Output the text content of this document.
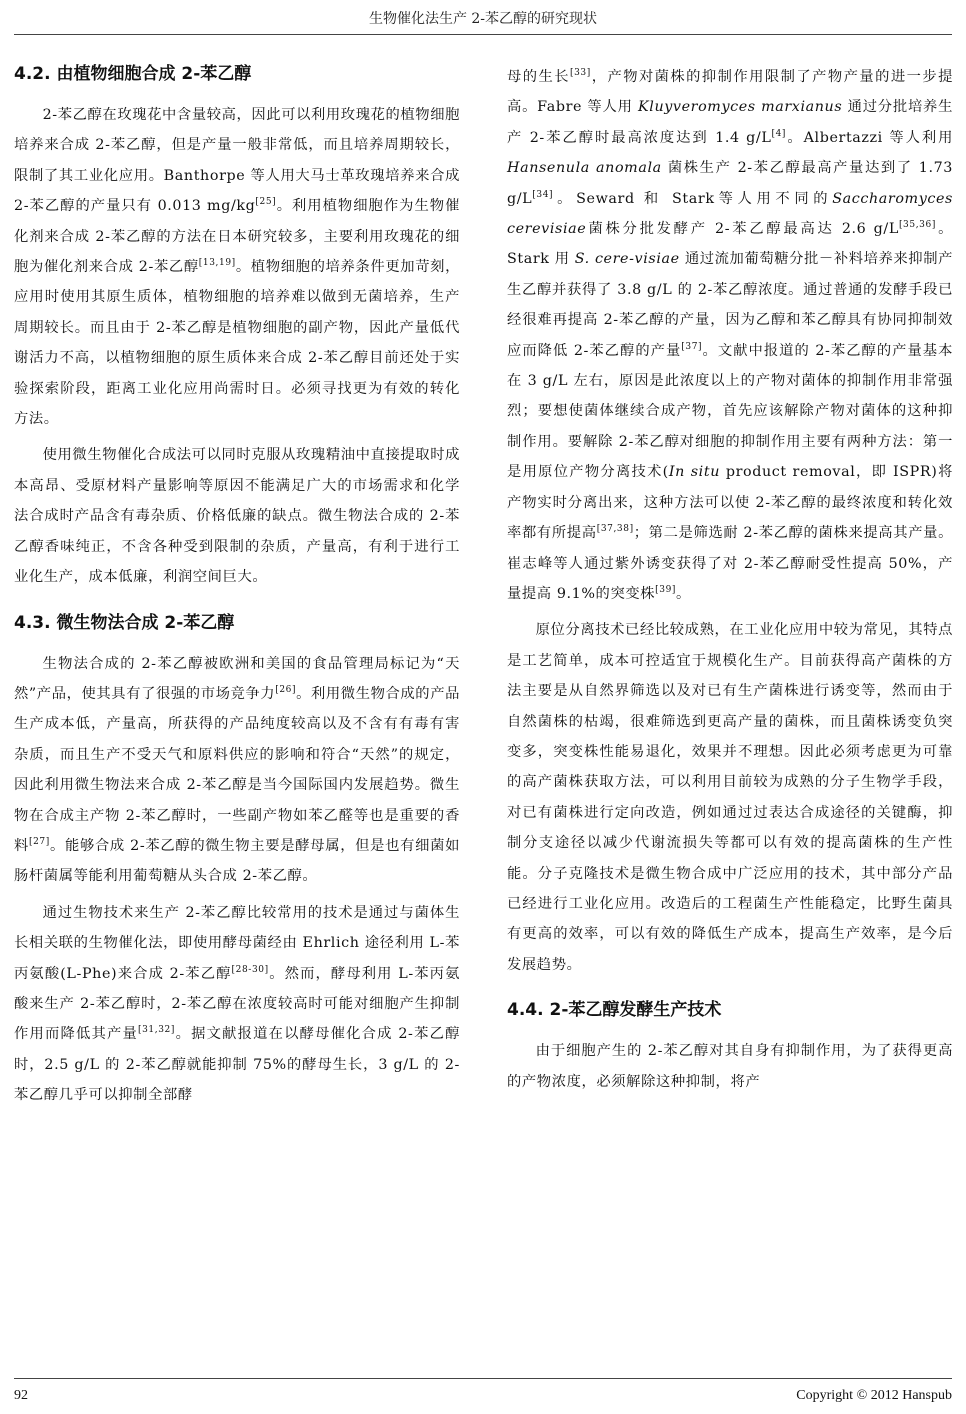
生物催化法生产 2-苯乙醇的研究现状
4.2. 由植物细胞合成 2-苯乙醇

2-苯乙醇在玫瑰花中含量较高，因此可以利用玫瑰花的植物细胞培养来合成 2-苯乙醇，但是产量一般非常低，而且培养周期较长，限制了其工业化应用。Banthorpe 等人用大马士革玫瑰培养来合成 2-苯乙醇的产量只有 0.013 mg/kg[25]。利用植物细胞作为生物催化剂来合成 2-苯乙醇的方法在日本研究较多，主要利用玫瑰花的细胞为催化剂来合成 2-苯乙醇[13,19]。植物细胞的培养条件更加苛刻，应用时使用其原生质体，植物细胞的培养难以做到无菌培养，生产周期较长。而且由于 2-苯乙醇是植物细胞的副产物，因此产量低代谢活力不高，以植物细胞的原生质体来合成 2-苯乙醇目前还处于实验探索阶段，距离工业化应用尚需时日。必须寻找更为有效的转化方法。

使用微生物催化合成法可以同时克服从玫瑰精油中直接提取时成本高昂、受原材料产量影响等原因不能满足广大的市场需求和化学法合成时产品含有毒杂质、价格低廉的缺点。微生物法合成的 2-苯乙醇香味纯正，不含各种受到限制的杂质，产量高，有利于进行工业化生产，成本低廉，利润空间巨大。

4.3. 微生物法合成 2-苯乙醇

生物法合成的 2-苯乙醇被欧洲和美国的食品管理局标记为“天然”产品，使其具有了很强的市场竞争力[26]。利用微生物合成的产品生产成本低，产量高，所获得的产品纯度较高以及不含有有毒有害杂质，而且生产不受天气和原料供应的影响和符合“天然”的规定，因此利用微生物法来合成 2-苯乙醇是当今国际国内发展趋势。微生物在合成主产物 2-苯乙醇时，一些副产物如苯乙醛等也是重要的香料[27]。能够合成 2-苯乙醇的微生物主要是酵母属，但是也有细菌如肠杆菌属等能利用葡萄糖从头合成 2-苯乙醇。

通过生物技术来生产 2-苯乙醇比较常用的技术是通过与菌体生长相关联的生物催化法，即使用酵母菌经由 Ehrlich 途径利用 L-苯丙氨酸(L-Phe)来合成 2-苯乙醇[28-30]。然而，酵母利用 L-苯丙氨酸来生产 2-苯乙醇时，2-苯乙醇在浓度较高时可能对细胞产生抑制作用而降低其产量[31,32]。据文献报道在以酵母催化合成 2-苯乙醇时，2.5 g/L 的 2-苯乙醇就能抑制 75%的酵母生长，3 g/L 的 2-苯乙醇几乎可以抑制全部酵

母的生长[33]，产物对菌株的抑制作用限制了产物产量的进一步提高。Fabre 等人用 Kluyveromyces marxianus 通过分批培养生产 2-苯乙醇时最高浓度达到 1.4 g/L[4]。Albertazzi 等人利用 Hansenula anomala 菌株生产 2-苯乙醇最高产量达到了 1.73 g/L[34]。Seward 和 Stark等人用不同的Saccharomyces cerevisiae菌株分批发酵产 2-苯乙醇最高达 2.6 g/L[35,36]。Stark 用 S. cere-visiae 通过流加葡萄糖分批－补料培养来抑制产生乙醇并获得了 3.8 g/L 的 2-苯乙醇浓度。通过普通的发酵手段已经很难再提高 2-苯乙醇的产量，因为乙醇和苯乙醇具有协同抑制效应而降低 2-苯乙醇的产量[37]。文献中报道的 2-苯乙醇的产量基本在 3 g/L 左右，原因是此浓度以上的产物对菌体的抑制作用非常强烈；要想使菌体继续合成产物，首先应该解除产物对菌体的这种抑制作用。要解除 2-苯乙醇对细胞的抑制作用主要有两种方法：第一是用原位产物分离技术(In situ product removal，即 ISPR)将产物实时分离出来，这种方法可以使 2-苯乙醇的最终浓度和转化效率都有所提高[37,38]；第二是筛选耐 2-苯乙醇的菌株来提高其产量。崔志峰等人通过紫外诱变获得了对 2-苯乙醇耐受性提高 50%，产量提高 9.1%的突变株[39]。

原位分离技术已经比较成熟，在工业化应用中较为常见，其特点是工艺简单，成本可控适宜于规模化生产。目前获得高产菌株的方法主要是从自然界筛选以及对已有生产菌株进行诱变等，然而由于自然菌株的枯竭，很难筛选到更高产量的菌株，而且菌株诱变负突变多，突变株性能易退化，效果并不理想。因此必须考虑更为可靠的高产菌株获取方法，可以利用目前较为成熟的分子生物学手段，对已有菌株进行定向改造，例如通过过表达合成途径的关键酶，抑制分支途径以减少代谢流损失等都可以有效的提高菌株的生产性能。分子克隆技术是微生物合成中广泛应用的技术，其中部分产品已经进行工业化应用。改造后的工程菌生产性能稳定，比野生菌具有更高的效率，可以有效的降低生产成本，提高生产效率，是今后发展趋势。

4.4. 2-苯乙醇发酵生产技术

由于细胞产生的 2-苯乙醇对其自身有抑制作用，为了获得更高的产物浓度，必须解除这种抑制，将产

92	Copyright © 2012 Hanspub
